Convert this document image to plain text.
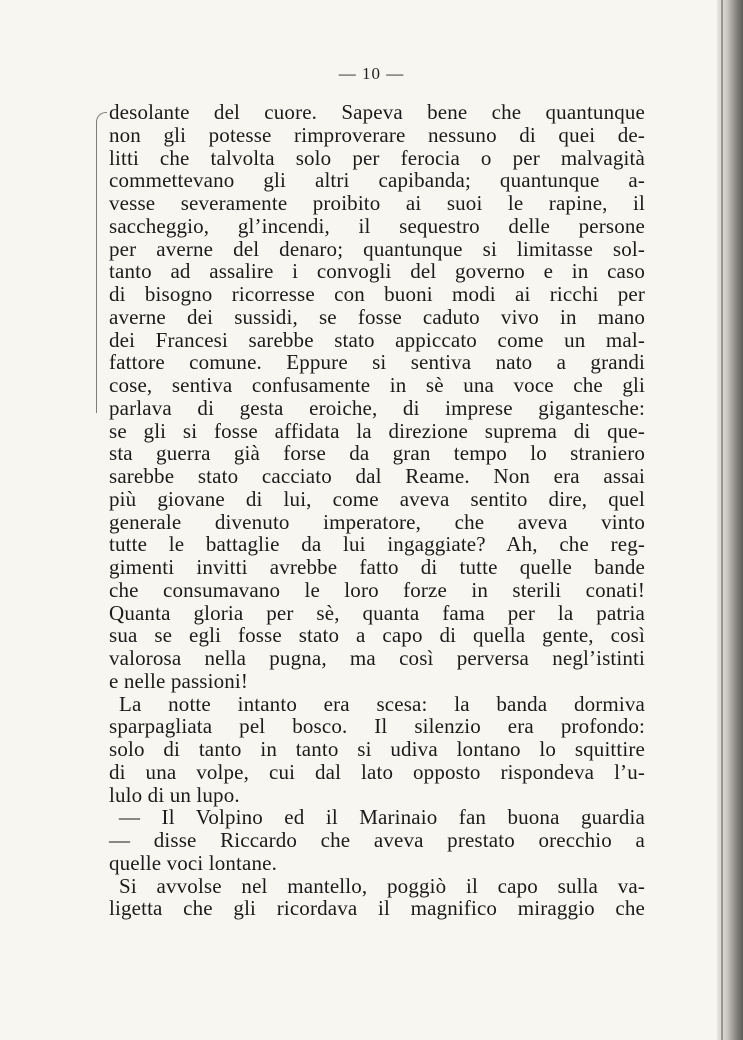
— 10 —
desolante del cuore. Sapeva bene che quantunque
non gli potesse rimproverare nessuno di quei de-
litti che talvolta solo per ferocia o per malvagità
commettevano gli altri capibanda; quantunque a-
vesse severamente proibito ai suoi le rapine, il
saccheggio, gl’incendi, il sequestro delle persone
per averne del denaro; quantunque si limitasse sol-
tanto ad assalire i convogli del governo e in caso
di bisogno ricorresse con buoni modi ai ricchi per
averne dei sussidi, se fosse caduto vivo in mano
dei Francesi sarebbe stato appiccato come un mal-
fattore comune. Eppure si sentiva nato a grandi
cose, sentiva confusamente in sè una voce che gli
parlava di gesta eroiche, di imprese gigantesche:
se gli si fosse affidata la direzione suprema di que-
sta guerra già forse da gran tempo lo straniero
sarebbe stato cacciato dal Reame. Non era assai
più giovane di lui, come aveva sentito dire, quel
generale divenuto imperatore, che aveva vinto
tutte le battaglie da lui ingaggiate? Ah, che reg-
gimenti invitti avrebbe fatto di tutte quelle bande
che consumavano le loro forze in sterili conati!
Quanta gloria per sè, quanta fama per la patria
sua se egli fosse stato a capo di quella gente, così
valorosa nella pugna, ma così perversa negl’istinti
e nelle passioni!
La notte intanto era scesa: la banda dormiva
sparpagliata pel bosco. Il silenzio era profondo:
solo di tanto in tanto si udiva lontano lo squittire
di una volpe, cui dal lato opposto rispondeva l’u-
lulo di un lupo.
— Il Volpino ed il Marinaio fan buona guardia
— disse Riccardo che aveva prestato orecchio a
quelle voci lontane.
Si avvolse nel mantello, poggiò il capo sulla va-
ligetta che gli ricordava il magnifico miraggio che
